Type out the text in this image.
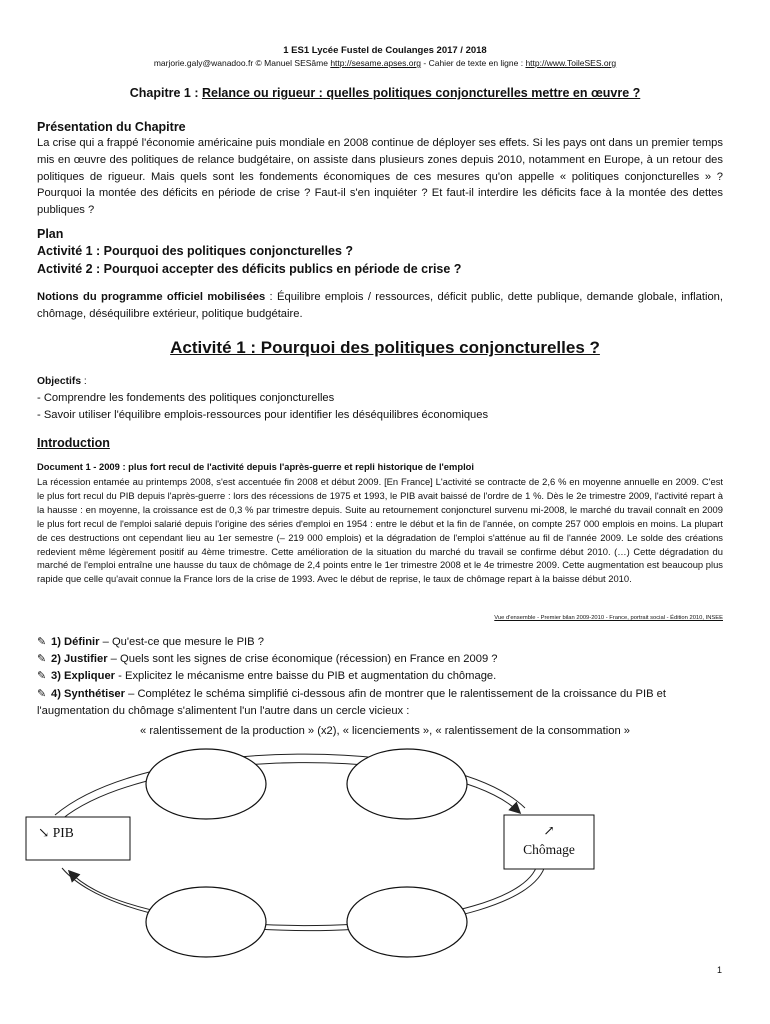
1 ES1 Lycée Fustel de Coulanges 2017 / 2018
marjorie.galy@wanadoo.fr © Manuel SESâme http://sesame.apses.org - Cahier de texte en ligne : http://www.ToileSES.org
Chapitre 1 : Relance ou rigueur : quelles politiques conjoncturelles mettre en œuvre ?
Présentation du Chapitre
La crise qui a frappé l'économie américaine puis mondiale en 2008 continue de déployer ses effets. Si les pays ont dans un premier temps mis en œuvre des politiques de relance budgétaire, on assiste dans plusieurs zones depuis 2010, notamment en Europe, à un retour des politiques de rigueur. Mais quels sont les fondements économiques de ces mesures qu'on appelle « politiques conjoncturelles » ? Pourquoi la montée des déficits en période de crise ? Faut-il s'en inquiéter ? Et faut-il interdire les déficits face à la montée des dettes publiques ?
Plan
Activité 1 : Pourquoi des politiques conjoncturelles ?
Activité 2 : Pourquoi accepter des déficits publics en période de crise ?
Notions du programme officiel mobilisées : Équilibre emplois / ressources, déficit public, dette publique, demande globale, inflation, chômage, déséquilibre extérieur, politique budgétaire.
Activité 1 : Pourquoi des politiques conjoncturelles ?
Objectifs :
- Comprendre les fondements des politiques conjoncturelles
- Savoir utiliser l'équilibre emplois-ressources pour identifier les déséquilibres économiques
Introduction
Document 1 - 2009 : plus fort recul de l'activité depuis l'après-guerre et repli historique de l'emploi
La récession entamée au printemps 2008, s'est accentuée fin 2008 et début 2009. [En France] L'activité se contracte de 2,6 % en moyenne annuelle en 2009. C'est le plus fort recul du PIB depuis l'après-guerre : lors des récessions de 1975 et 1993, le PIB avait baissé de l'ordre de 1 %. Dès le 2e trimestre 2009, l'activité repart à la hausse : en moyenne, la croissance est de 0,3 % par trimestre depuis. Suite au retournement conjoncturel survenu mi-2008, le marché du travail connaît en 2009 le plus fort recul de l'emploi salarié depuis l'origine des séries d'emploi en 1954 : entre le début et la fin de l'année, on compte 257 000 emplois en moins. La plupart de ces destructions ont cependant lieu au 1er semestre (– 219 000 emplois) et la dégradation de l'emploi s'atténue au fil de l'année 2009. Le solde des créations redevient même légèrement positif au 4ème trimestre. Cette amélioration de la situation du marché du travail se confirme début 2010. (…) Cette dégradation du marché de l'emploi entraîne une hausse du taux de chômage de 2,4 points entre le 1er trimestre 2008 et le 4e trimestre 2009. Cette augmentation est beaucoup plus rapide que celle qu'avait connue la France lors de la crise de 1993. Avec le début de reprise, le taux de chômage repart à la baisse début 2010.
Vue d'ensemble - Premier bilan 2009-2010 - France, portrait social - Édition 2010, INSEE
✎ 1) Définir – Qu'est-ce que mesure le PIB ?
✎ 2) Justifier – Quels sont les signes de crise économique (récession) en France en 2009 ?
✎ 3) Expliquer - Explicitez le mécanisme entre baisse du PIB et augmentation du chômage.
✎ 4) Synthétiser – Complétez le schéma simplifié ci-dessous afin de montrer que le ralentissement de la croissance du PIB et l'augmentation du chômage s'alimentent l'un l'autre dans un cercle vicieux :
« ralentissement de la production » (x2), « licenciements », « ralentissement de la consommation »
↘ PIB	↗
Chômage
1
